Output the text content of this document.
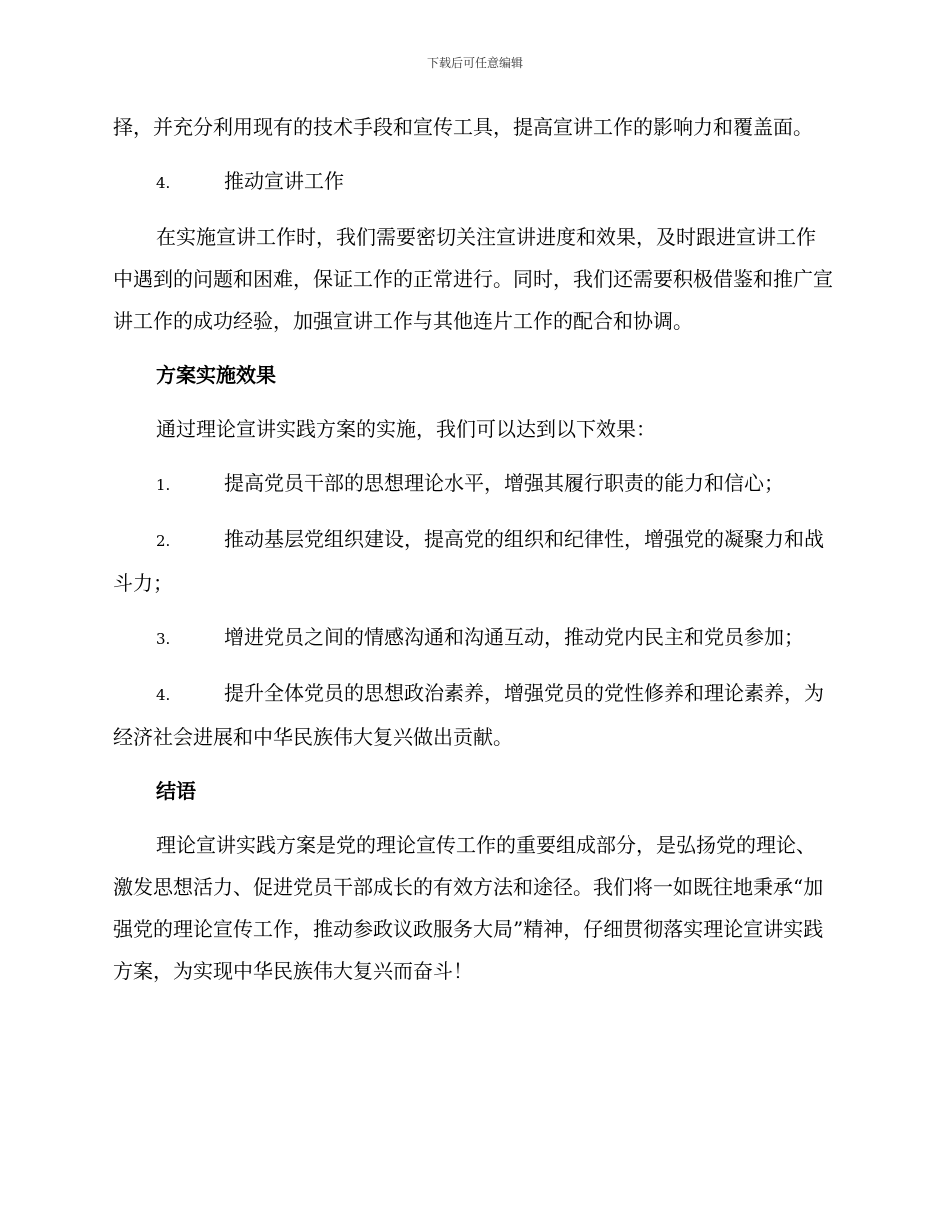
下载后可任意编辑

择，并充分利用现有的技术手段和宣传工具，提高宣讲工作的影响力和覆盖面。

4.	推动宣讲工作

在实施宣讲工作时，我们需要密切关注宣讲进度和效果，及时跟进宣讲工作中遇到的问题和困难，保证工作的正常进行。同时，我们还需要积极借鉴和推广宣讲工作的成功经验，加强宣讲工作与其他连片工作的配合和协调。

方案实施效果

通过理论宣讲实践方案的实施，我们可以达到以下效果：

1.	提高党员干部的思想理论水平，增强其履行职责的能力和信心；

2.	推动基层党组织建设，提高党的组织和纪律性，增强党的凝聚力和战斗力；

3.	增进党员之间的情感沟通和沟通互动，推动党内民主和党员参加；

4.	提升全体党员的思想政治素养，增强党员的党性修养和理论素养，为经济社会进展和中华民族伟大复兴做出贡献。

结语

理论宣讲实践方案是党的理论宣传工作的重要组成部分，是弘扬党的理论、激发思想活力、促进党员干部成长的有效方法和途径。我们将一如既往地秉承“加强党的理论宣传工作，推动参政议政服务大局”精神，仔细贯彻落实理论宣讲实践方案，为实现中华民族伟大复兴而奋斗！
